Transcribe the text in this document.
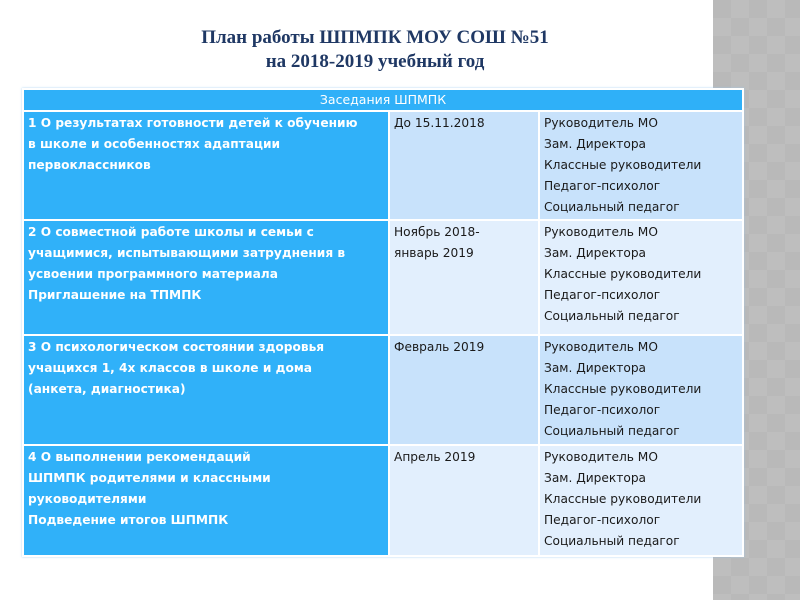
План работы ШПМПК МОУ СОШ №51
на 2018-2019 учебный год
Заседания ШПМПК		

1 О результатах готовности детей к обучению
в школе и особенностях адаптации
первоклассников	До 15.11.2018	Руководитель МО
Зам. Директора
Классные руководители
Педагог-психолог
Социальный педагог

2 О совместной работе школы и семьи с
учащимися, испытывающими затруднения в
усвоении программного материала
Приглашение на ТПМПК	Ноябрь 2018-
январь 2019	Руководитель МО
Зам. Директора
Классные руководители
Педагог-психолог
Социальный педагог

3 О психологическом состоянии здоровья
учащихся 1, 4х классов в школе и дома
(анкета, диагностика)	Февраль 2019	Руководитель МО
Зам. Директора
Классные руководители
Педагог-психолог
Социальный педагог

4 О выполнении рекомендаций
ШПМПК родителями и классными
руководителями
Подведение итогов ШПМПК	Апрель 2019	Руководитель МО
Зам. Директора
Классные руководители
Педагог-психолог
Социальный педагог
